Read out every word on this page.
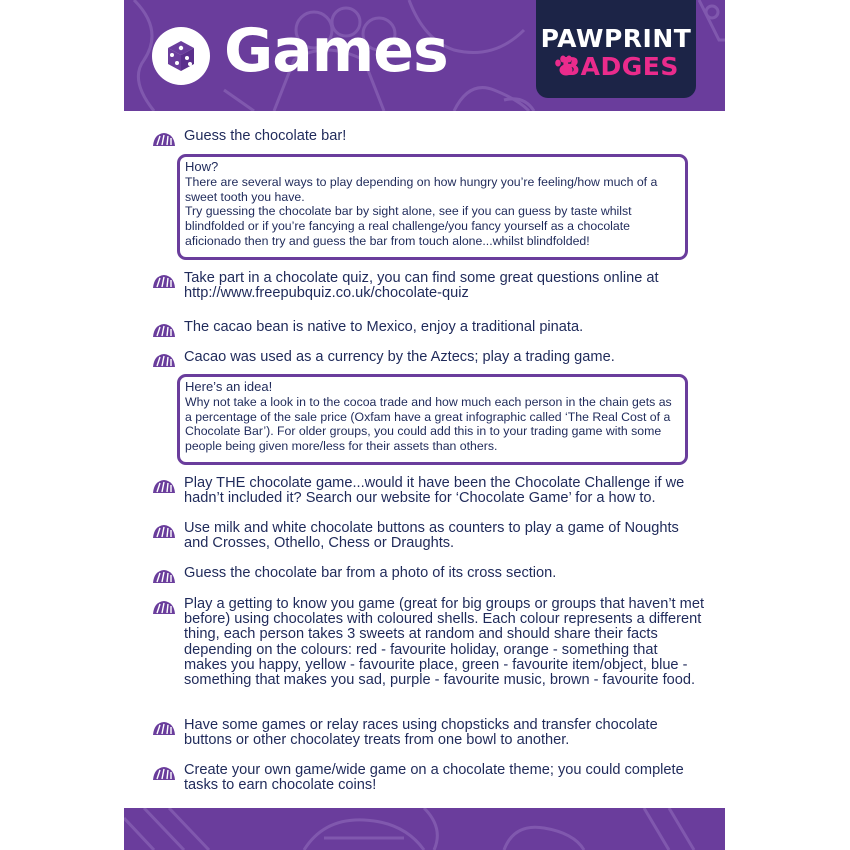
Games	PAWPRINT
BADGES
Guess the chocolate bar!
How?

There are several ways to play depending on how hungry you’re feeling/how much of a sweet tooth you have.

Try guessing the chocolate bar by sight alone, see if you can guess by taste whilst blindfolded or if you’re fancying a real challenge/you fancy yourself as a chocolate aficionado then try and guess the bar from touch alone...whilst blindfolded!

Take part in a chocolate quiz, you can find some great questions online at http://www.freepubquiz.co.uk/chocolate-quiz
The cacao bean is native to Mexico, enjoy a traditional pinata.
Cacao was used as a currency by the Aztecs; play a trading game.
Here’s an idea!

Why not take a look in to the cocoa trade and how much each person in the chain gets as a percentage of the sale price (Oxfam have a great infographic called ‘The Real Cost of a Chocolate Bar’). For older groups, you could add this in to your trading game with some people being given more/less for their assets than others.

Play THE chocolate game...would it have been the Chocolate Challenge if we hadn’t included it? Search our website for ‘Chocolate Game’ for a how to.
Use milk and white chocolate buttons as counters to play a game of Noughts and Crosses, Othello, Chess or Draughts.
Guess the chocolate bar from a photo of its cross section.
Play a getting to know you game (great for big groups or groups that haven’t met before) using chocolates with coloured shells. Each colour represents a different thing, each person takes 3 sweets at random and should share their facts depending on the colours: red - favourite holiday, orange - something that makes you happy, yellow - favourite place, green - favourite item/object, blue - something that makes you sad, purple - favourite music, brown - favourite food.
Have some games or relay races using chopsticks and transfer chocolate buttons or other chocolatey treats from one bowl to another.
Create your own game/wide game on a chocolate theme; you could complete tasks to earn chocolate coins!
